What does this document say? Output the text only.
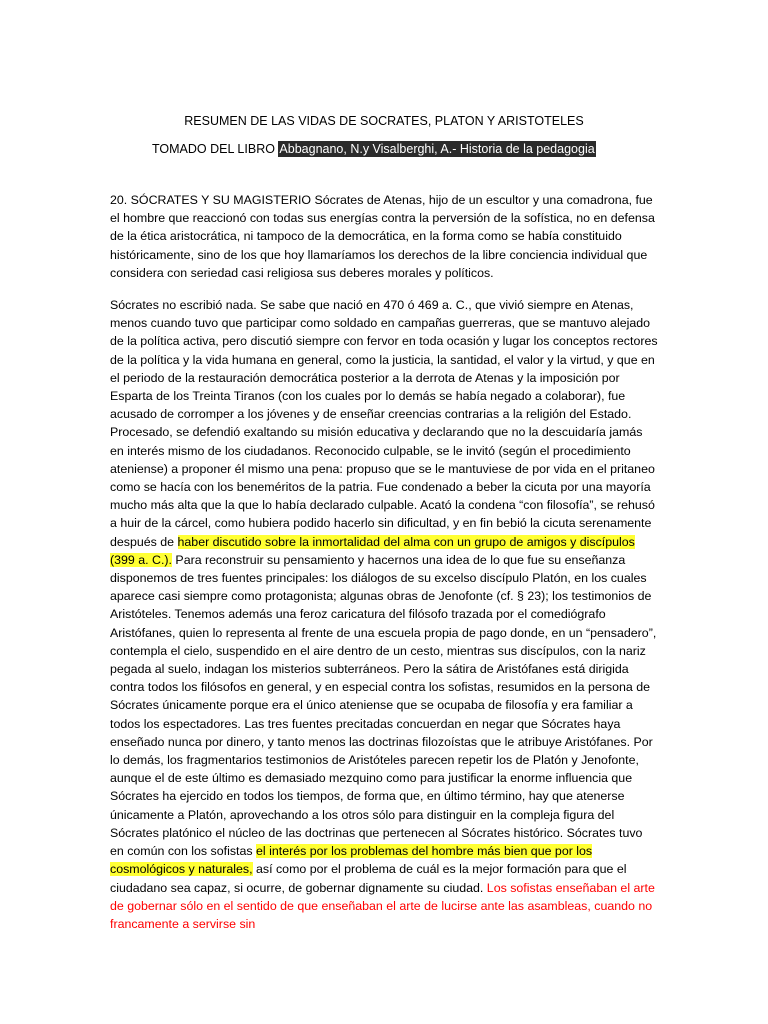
RESUMEN DE LAS VIDAS DE SOCRATES, PLATON Y ARISTOTELES
TOMADO DEL LIBRO Abbagnano, N.y Visalberghi, A.- Historia de la pedagogia
20. SÓCRATES Y SU MAGISTERIO Sócrates de Atenas, hijo de un escultor y una comadrona, fue el hombre que reaccionó con todas sus energías contra la perversión de la sofística, no en defensa de la ética aristocrática, ni tampoco de la democrática, en la forma como se había constituido históricamente, sino de los que hoy llamaríamos los derechos de la libre conciencia individual que considera con seriedad casi religiosa sus deberes morales y políticos.
Sócrates no escribió nada. Se sabe que nació en 470 ó 469 a. C., que vivió siempre en Atenas, menos cuando tuvo que participar como soldado en campañas guerreras, que se mantuvo alejado de la política activa, pero discutió siempre con fervor en toda ocasión y lugar los conceptos rectores de la política y la vida humana en general, como la justicia, la santidad, el valor y la virtud, y que en el periodo de la restauración democrática posterior a la derrota de Atenas y la imposición por Esparta de los Treinta Tiranos (con los cuales por lo demás se había negado a colaborar), fue acusado de corromper a los jóvenes y de enseñar creencias contrarias a la religión del Estado. Procesado, se defendió exaltando su misión educativa y declarando que no la descuidaría jamás en interés mismo de los ciudadanos. Reconocido culpable, se le invitó (según el procedimiento ateniense) a proponer él mismo una pena: propuso que se le mantuviese de por vida en el pritaneo como se hacía con los beneméritos de la patria. Fue condenado a beber la cicuta por una mayoría mucho más alta que la que lo había declarado culpable. Acató la condena “con filosofía”, se rehusó a huir de la cárcel, como hubiera podido hacerlo sin dificultad, y en fin bebió la cicuta serenamente después de haber discutido sobre la inmortalidad del alma con un grupo de amigos y discípulos (399 a. C.). Para reconstruir su pensamiento y hacernos una idea de lo que fue su enseñanza disponemos de tres fuentes principales: los diálogos de su excelso discípulo Platón, en los cuales aparece casi siempre como protagonista; algunas obras de Jenofonte (cf. § 23); los testimonios de Aristóteles. Tenemos además una feroz caricatura del filósofo trazada por el comediógrafo Aristófanes, quien lo representa al frente de una escuela propia de pago donde, en un “pensadero”, contempla el cielo, suspendido en el aire dentro de un cesto, mientras sus discípulos, con la nariz pegada al suelo, indagan los misterios subterráneos. Pero la sátira de Aristófanes está dirigida contra todos los filósofos en general, y en especial contra los sofistas, resumidos en la persona de Sócrates únicamente porque era el único ateniense que se ocupaba de filosofía y era familiar a todos los espectadores. Las tres fuentes precitadas concuerdan en negar que Sócrates haya enseñado nunca por dinero, y tanto menos las doctrinas filozoístas que le atribuye Aristófanes. Por lo demás, los fragmentarios testimonios de Aristóteles parecen repetir los de Platón y Jenofonte, aunque el de este último es demasiado mezquino como para justificar la enorme influencia que Sócrates ha ejercido en todos los tiempos, de forma que, en último término, hay que atenerse únicamente a Platón, aprovechando a los otros sólo para distinguir en la compleja figura del Sócrates platónico el núcleo de las doctrinas que pertenecen al Sócrates histórico. Sócrates tuvo en común con los sofistas el interés por los problemas del hombre más bien que por los cosmológicos y naturales, así como por el problema de cuál es la mejor formación para que el ciudadano sea capaz, si ocurre, de gobernar dignamente su ciudad. Los sofistas enseñaban el arte de gobernar sólo en el sentido de que enseñaban el arte de lucirse ante las asambleas, cuando no francamente a servirse sin
